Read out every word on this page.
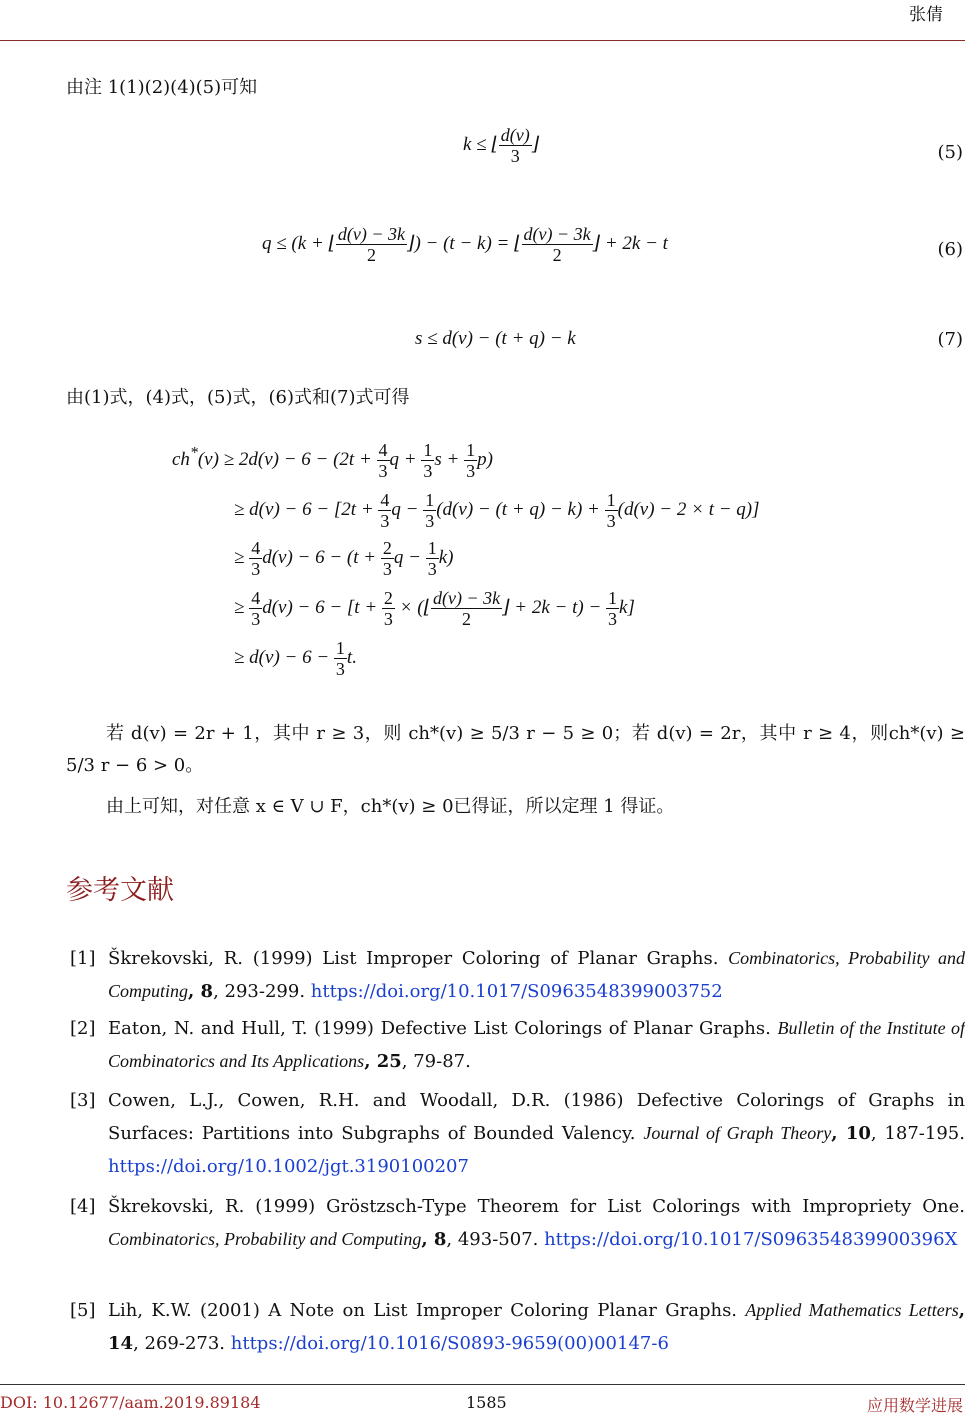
张倩
由注 1(1)(2)(4)(5)可知
k ≤ ⌊ $\frac{d(v)}{3}$ ⌋	(5)
q ≤ (k + ⌊ $\frac{d(v) - 3k}{2}$ ⌋) − (t − k) = ⌊ $\frac{d(v) - 3k}{2}$ ⌋ + 2k − t	(6)
s ≤ d(v) − (t + q) − k	(7)
由(1)式，(4)式，(5)式，(6)式和(7)式可得
$ch^*(v) \ge 2d(v) - 6 - (2t + \frac{4}{3}$ $q + \frac{1}{3}$ $s + \frac{1}{3} p$)
≥ $d(v) - 6 - [2t + \frac{4}{3}$ $q - \frac{1}{3} (d(v) - (t + q) - k) + \frac{1}{3} (d(v) - 2 \times t - q)$]
≥ $\frac{4}{3} d(v) - 6 - (t + \frac{2}{3}$ $q - \frac{1}{3} k$)
≥ $\frac{4}{3} d(v) - 6 - [t + \frac{2}{3}$ × (⌊ $\frac{d(v) - 3k}{2}$ ⌋ + $2k - t) - \frac{1}{3} k$]
≥ $d(v) - 6 - \frac{1}{3} t$.
若 d(v) = 2r + 1，其中 r ≥ 3，则 ch*(v) ≥ 5/3 r − 5 ≥ 0；若 d(v) = 2r，其中 r ≥ 4，则ch*(v) ≥ 5/3 r − 6 > 0。
由上可知，对任意 x ∈ V ∪ F，ch*(v) ≥ 0已得证，所以定理 1 得证。
参考文献
[1] Škrekovski, R. (1999) List Improper Coloring of Planar Graphs. Combinatorics, Probability and Computing, 8, 293-299. https://doi.org/10.1017/S0963548399003752
[2] Eaton, N. and Hull, T. (1999) Defective List Colorings of Planar Graphs. Bulletin of the Institute of Combinatorics and Its Applications, 25, 79-87.
[3] Cowen, L.J., Cowen, R.H. and Woodall, D.R. (1986) Defective Colorings of Graphs in Surfaces: Partitions into Subgraphs of Bounded Valency. Journal of Graph Theory, 10, 187-195. https://doi.org/10.1002/jgt.3190100207
[4] Škrekovski, R. (1999) Gröstzsch-Type Theorem for List Colorings with Impropriety One. Combinatorics, Probability and Computing, 8, 493-507. https://doi.org/10.1017/S096354839900396X
[5] Lih, K.W. (2001) A Note on List Improper Coloring Planar Graphs. Applied Mathematics Letters, 14, 269-273. https://doi.org/10.1016/S0893-9659(00)00147-6
DOI: 10.12677/aam.2019.89184	1585	应用数学进展
